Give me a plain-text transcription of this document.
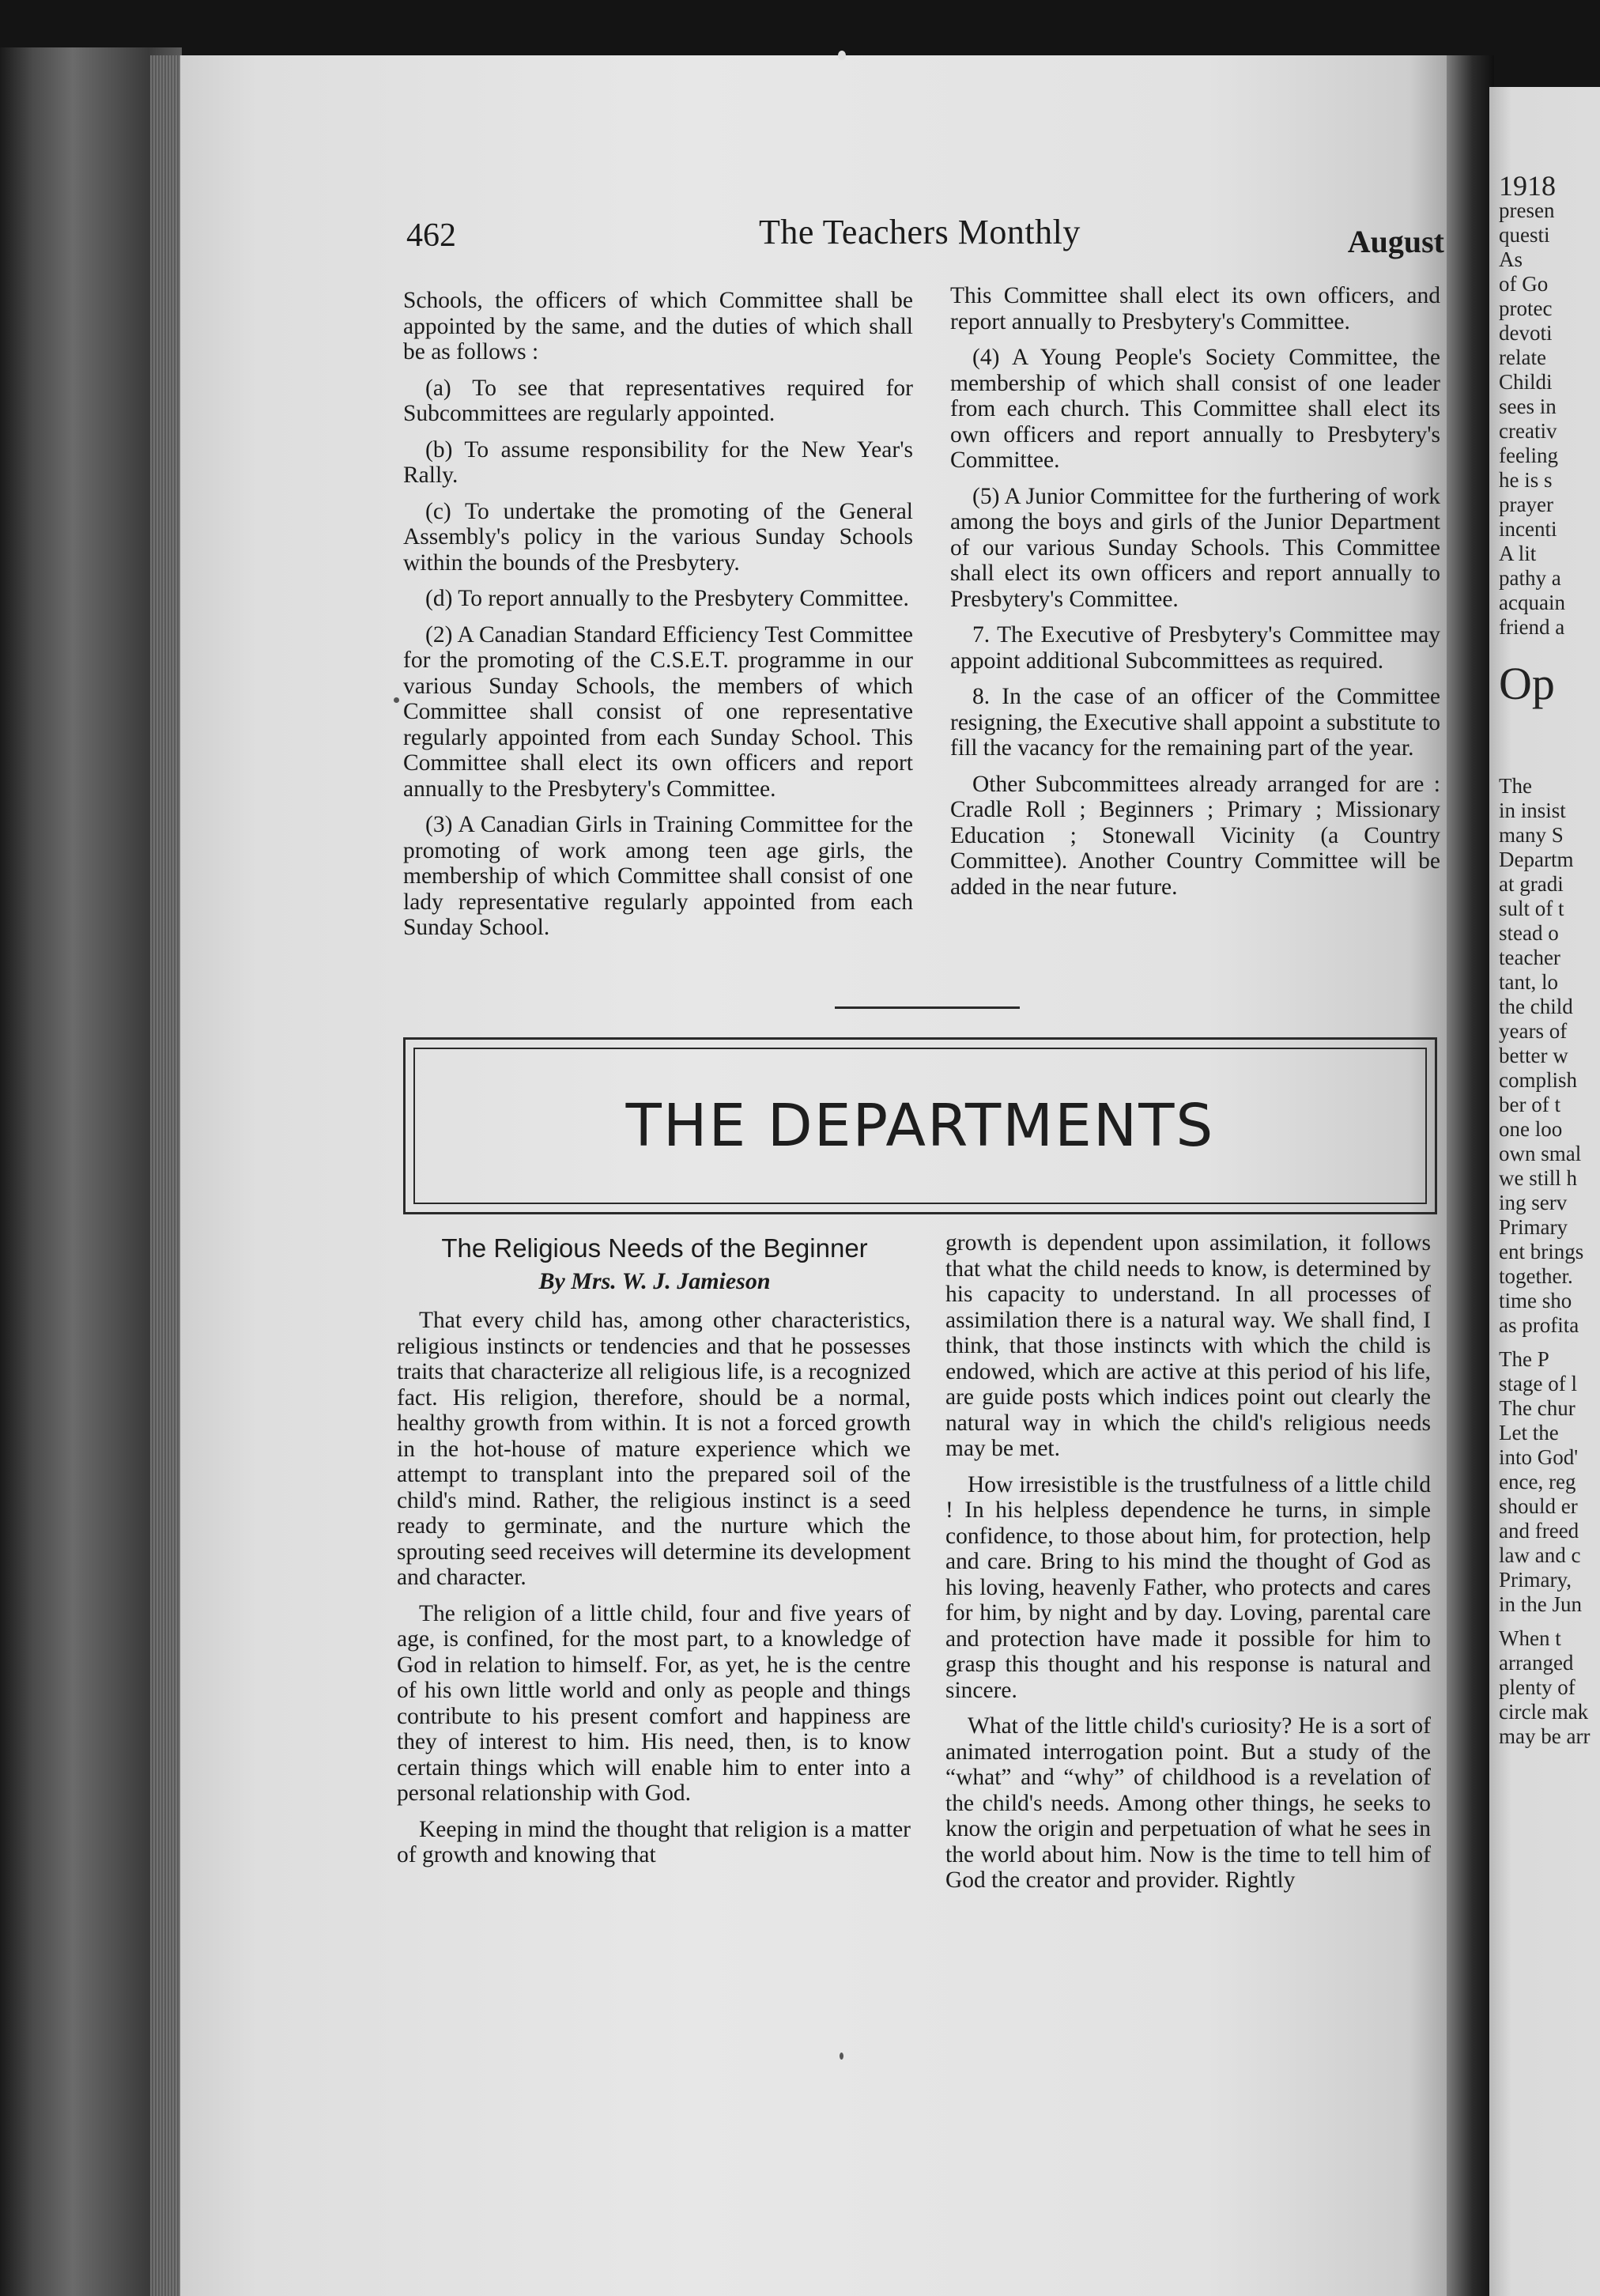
1918
presen
questi
As
of Go
protec
devoti
relate
Childi
sees in
creativ
feeling
he is s
prayer
incenti
A lit
pathy a
acquain
friend a
Op
The
in insist
many S
Departm
at gradi
sult of t
stead o
teacher
tant, lo
the child
years of
better w
complish
ber of t
one loo
own smal
we still h
ing serv
Primary
ent brings
together.
time sho
as profita
The P
stage of l
The chur
Let the
into God'
ence, reg
should er
and freed
law and c
Primary,
in the Jun
When t
arranged
plenty of
circle mak
may be arr
462	The Teachers Monthly	August

Schools, the officers of which Committee shall be appointed by the same, and the duties of which shall be as follows :

(a) To see that representatives required for Subcommittees are regularly appointed.

(b) To assume responsibility for the New Year's Rally.

(c) To undertake the promoting of the General Assembly's policy in the various Sunday Schools within the bounds of the Presbytery.

(d) To report annually to the Presbytery Committee.

(2) A Canadian Standard Efficiency Test Committee for the promoting of the C.S.E.T. programme in our various Sunday Schools, the members of which Committee shall consist of one representative regularly appointed from each Sunday School. This Committee shall elect its own officers and report annually to the Presbytery's Committee.

(3) A Canadian Girls in Training Committee for the promoting of work among teen age girls, the membership of which Committee shall consist of one lady representative regularly appointed from each Sunday School.

This Committee shall elect its own officers, and report annually to Presbytery's Committee.

(4) A Young People's Society Committee, the membership of which shall consist of one leader from each church. This Committee shall elect its own officers and report annually to Presbytery's Committee.

(5) A Junior Committee for the furthering of work among the boys and girls of the Junior Department of our various Sunday Schools. This Committee shall elect its own officers and report annually to Presbytery's Committee.

7. The Executive of Presbytery's Committee may appoint additional Subcommittees as required.

8. In the case of an officer of the Committee resigning, the Executive shall appoint a substitute to fill the vacancy for the remaining part of the year.

Other Subcommittees already arranged for are : Cradle Roll ; Beginners ; Primary ; Missionary Education ; Stonewall Vicinity (a Country Committee). Another Country Committee will be added in the near future.

THE DEPARTMENTS
The Religious Needs of the Beginner
By Mrs. W. J. Jamieson

That every child has, among other characteristics, religious instincts or tendencies and that he possesses traits that characterize all religious life, is a recognized fact. His religion, therefore, should be a normal, healthy growth from within. It is not a forced growth in the hot-house of mature experience which we attempt to transplant into the prepared soil of the child's mind. Rather, the religious instinct is a seed ready to germinate, and the nurture which the sprouting seed receives will determine its development and character.

The religion of a little child, four and five years of age, is confined, for the most part, to a knowledge of God in relation to himself. For, as yet, he is the centre of his own little world and only as people and things contribute to his present comfort and happiness are they of interest to him. His need, then, is to know certain things which will enable him to enter into a personal relationship with God.

Keeping in mind the thought that religion is a matter of growth and knowing that

growth is dependent upon assimilation, it follows that what the child needs to know, is determined by his capacity to understand. In all processes of assimilation there is a natural way. We shall find, I think, that those instincts with which the child is endowed, which are active at this period of his life, are guide posts which indices point out clearly the natural way in which the child's religious needs may be met.

How irresistible is the trustfulness of a little child ! In his helpless dependence he turns, in simple confidence, to those about him, for protection, help and care. Bring to his mind the thought of God as his loving, heavenly Father, who protects and cares for him, by night and by day. Loving, parental care and protection have made it possible for him to grasp this thought and his response is natural and sincere.

What of the little child's curiosity? He is a sort of animated interrogation point. But a study of the “what” and “why” of childhood is a revelation of the child's needs. Among other things, he seeks to know the origin and perpetuation of what he sees in the world about him. Now is the time to tell him of God the creator and provider. Rightly
